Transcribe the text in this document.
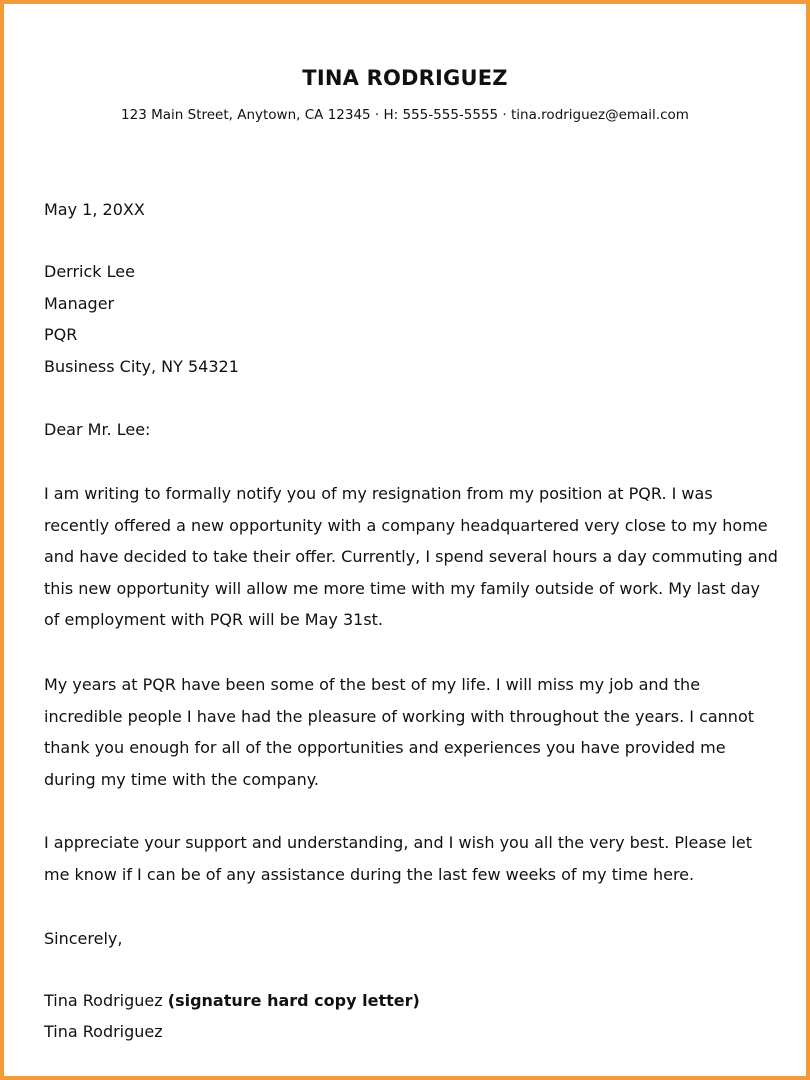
TINA RODRIGUEZ
123 Main Street, Anytown, CA 12345 · H: 555-555-5555 · tina.rodriguez@email.com
May 1, 20XX
Derrick Lee
Manager
PQR
Business City, NY 54321
Dear Mr. Lee:
I am writing to formally notify you of my resignation from my position at PQR. I was
recently offered a new opportunity with a company headquartered very close to my home
and have decided to take their offer. Currently, I spend several hours a day commuting and
this new opportunity will allow me more time with my family outside of work. My last day
of employment with PQR will be May 31st.
My years at PQR have been some of the best of my life. I will miss my job and the
incredible people I have had the pleasure of working with throughout the years. I cannot
thank you enough for all of the opportunities and experiences you have provided me
during my time with the company.
I appreciate your support and understanding, and I wish you all the very best. Please let
me know if I can be of any assistance during the last few weeks of my time here.
Sincerely,
Tina Rodriguez (signature hard copy letter)
Tina Rodriguez
